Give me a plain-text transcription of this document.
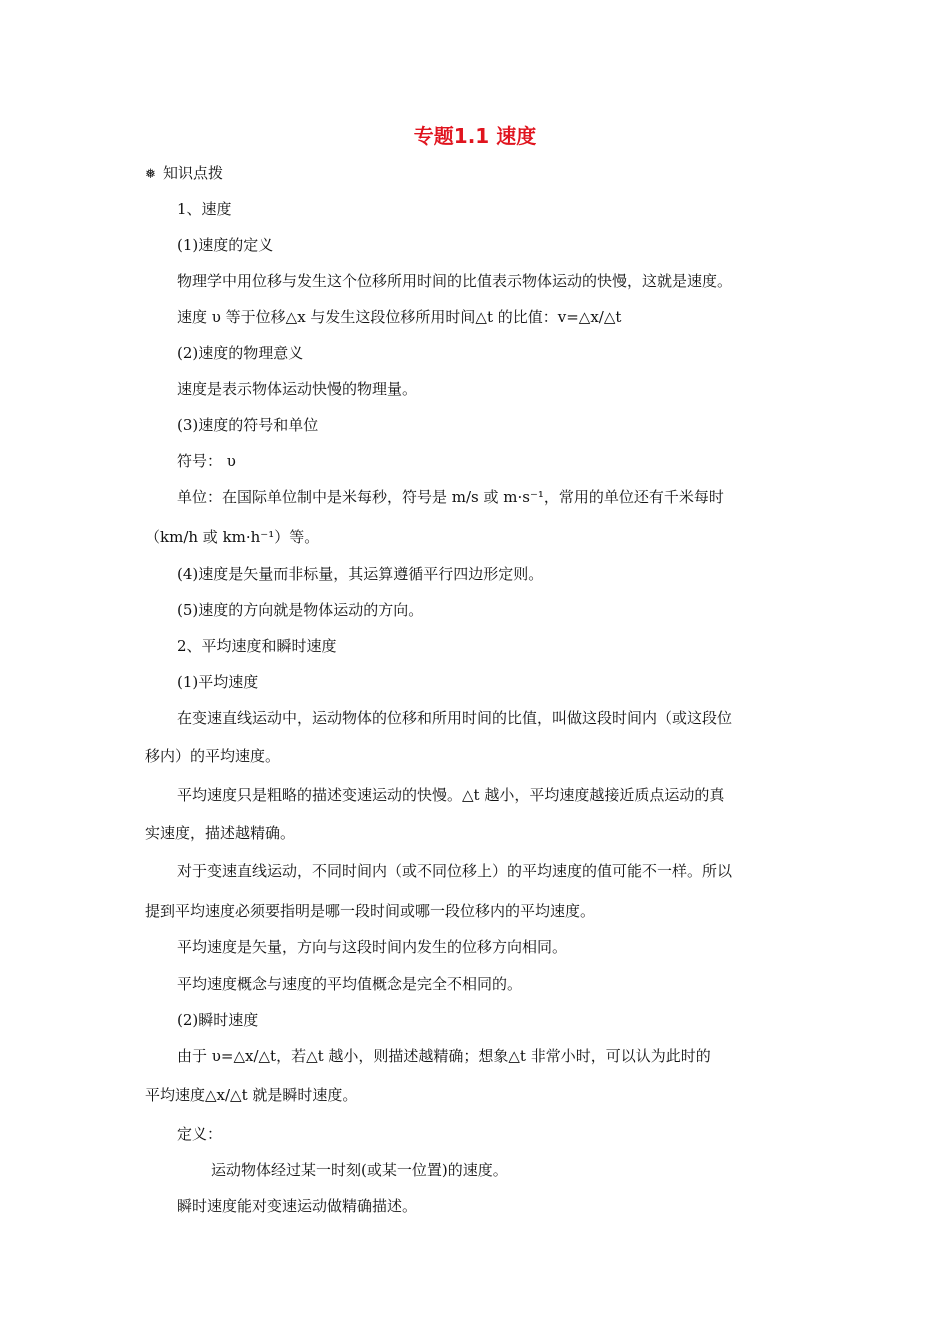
专题1.1 速度
❅ 知识点拨
1、速度
(1)速度的定义
物理学中用位移与发生这个位移所用时间的比值表示物体运动的快慢，这就是速度。
速度 υ 等于位移△x 与发生这段位移所用时间△t 的比值：v=△x/△t
(2)速度的物理意义
速度是表示物体运动快慢的物理量。
(3)速度的符号和单位
符号： υ
单位：在国际单位制中是米每秒，符号是 m/s 或 m·s⁻¹，常用的单位还有千米每时
（km/h 或 km·h⁻¹）等。
(4)速度是矢量而非标量，其运算遵循平行四边形定则。
(5)速度的方向就是物体运动的方向。
2、平均速度和瞬时速度
(1)平均速度
在变速直线运动中，运动物体的位移和所用时间的比值，叫做这段时间内（或这段位
移内）的平均速度。
平均速度只是粗略的描述变速运动的快慢。△t 越小，平均速度越接近质点运动的真
实速度，描述越精确。
对于变速直线运动，不同时间内（或不同位移上）的平均速度的值可能不一样。所以
提到平均速度必须要指明是哪一段时间或哪一段位移内的平均速度。
平均速度是矢量，方向与这段时间内发生的位移方向相同。
平均速度概念与速度的平均值概念是完全不相同的。
(2)瞬时速度
由于 υ=△x/△t，若△t 越小，则描述越精确；想象△t 非常小时，可以认为此时的
平均速度△x/△t 就是瞬时速度。
定义：
运动物体经过某一时刻(或某一位置)的速度。
瞬时速度能对变速运动做精确描述。
